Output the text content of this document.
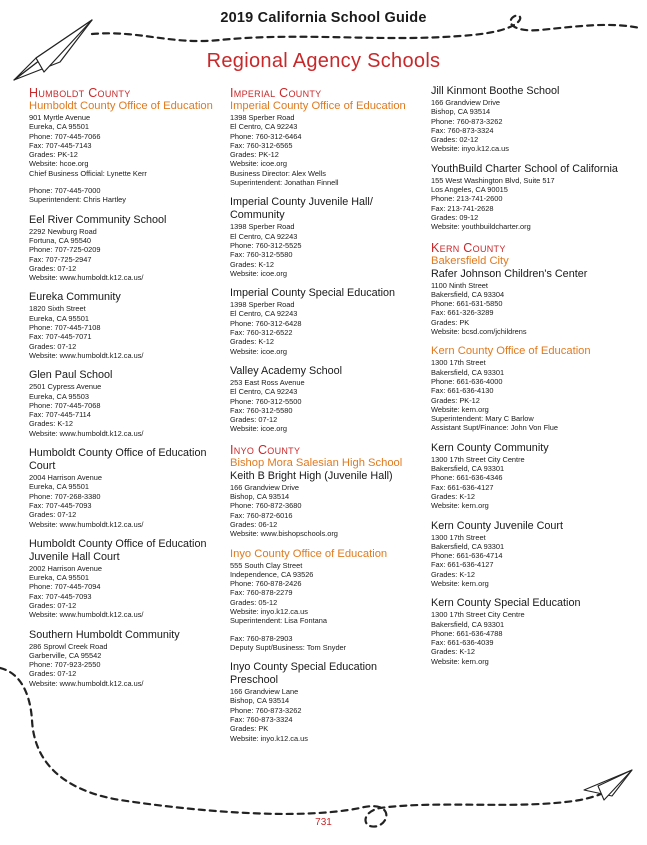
2019 California School Guide
Regional Agency Schools
Humboldt County
Humboldt County Office of Education
901 Myrtle Avenue
Eureka, CA 95501
Phone: 707-445-7066
Fax: 707-445-7143
Grades: PK-12
Website: hcoe.org
Chief Business Official: Lynette Kerr
Phone: 707-445-7000
Superintendent: Chris Hartley
Eel River Community School
2292 Newburg Road
Fortuna, CA 95540
Phone: 707-725-0209
Fax: 707-725-2947
Grades: 07-12
Website: www.humboldt.k12.ca.us/
Eureka Community
1820 Sixth Street
Eureka, CA 95501
Phone: 707-445-7108
Fax: 707-445-7071
Grades: 07-12
Website: www.humboldt.k12.ca.us/
Glen Paul School
2501 Cypress Avenue
Eureka, CA 95503
Phone: 707-445-7068
Fax: 707-445-7114
Grades: K-12
Website: www.humboldt.k12.ca.us/
Humboldt County Office of Education Court
2004 Harrison Avenue
Eureka, CA 95501
Phone: 707-268-3380
Fax: 707-445-7093
Grades: 07-12
Website: www.humboldt.k12.ca.us/
Humboldt County Office of Education Juvenile Hall Court
2002 Harrison Avenue
Eureka, CA 95501
Phone: 707-445-7094
Fax: 707-445-7093
Grades: 07-12
Website: www.humboldt.k12.ca.us/
Southern Humboldt Community
286 Sprowl Creek Road
Garberville, CA 95542
Phone: 707-923-2550
Grades: 07-12
Website: www.humboldt.k12.ca.us/
Imperial County
Imperial County Office of Education
1398 Sperber Road
El Centro, CA 92243
Phone: 760-312-6464
Fax: 760-312-6565
Grades: PK-12
Website: icoe.org
Business Director: Alex Wells
Superintendent: Jonathan Finnell
Imperial County Juvenile Hall/ Community
1398 Sperber Road
El Centro, CA 92243
Phone: 760-312-5525
Fax: 760-312-5580
Grades: K-12
Website: icoe.org
Imperial County Special Education
1398 Sperber Road
El Centro, CA 92243
Phone: 760-312-6428
Fax: 760-312-6522
Grades: K-12
Website: icoe.org
Valley Academy School
253 East Ross Avenue
El Centro, CA 92243
Phone: 760-312-5500
Fax: 760-312-5580
Grades: 07-12
Website: icoe.org
Inyo County
Bishop Mora Salesian High School
Keith B Bright High (Juvenile Hall)
166 Grandview Drive
Bishop, CA 93514
Phone: 760-872-3680
Fax: 760-872-6016
Grades: 06-12
Website: www.bishopschools.org
Inyo County Office of Education
555 South Clay Street
Independence, CA 93526
Phone: 760-878-2426
Fax: 760-878-2279
Grades: 05-12
Website: inyo.k12.ca.us
Superintendent: Lisa Fontana
Fax: 760-878-2903
Deputy Supt/Business: Tom Snyder
Inyo County Special Education Preschool
166 Grandview Lane
Bishop, CA 93514
Phone: 760-873-3262
Fax: 760-873-3324
Grades: PK
Website: inyo.k12.ca.us
Jill Kinmont Boothe School
166 Grandview Drive
Bishop, CA 93514
Phone: 760-873-3262
Fax: 760-873-3324
Grades: 02-12
Website: inyo.k12.ca.us
YouthBuild Charter School of California
155 West Washington Blvd, Suite 517
Los Angeles, CA 90015
Phone: 213-741-2600
Fax: 213-741-2628
Grades: 09-12
Website: youthbuildcharter.org
Kern County
Bakersfield City
Rafer Johnson Children's Center
1100 Ninth Street
Bakersfield, CA 93304
Phone: 661-631-5850
Fax: 661-326-3289
Grades: PK
Website: bcsd.com/jchildrens
Kern County Office of Education
1300 17th Street
Bakersfield, CA 93301
Phone: 661-636-4000
Fax: 661-636-4130
Grades: PK-12
Website: kern.org
Superintendent: Mary C Barlow
Assistant Supt/Finance: John Von Flue
Kern County Community
1300 17th Street City Centre
Bakersfield, CA 93301
Phone: 661-636-4346
Fax: 661-636-4127
Grades: K-12
Website: kern.org
Kern County Juvenile Court
1300 17th Street
Bakersfield, CA 93301
Phone: 661-636-4714
Fax: 661-636-4127
Grades: K-12
Website: kern.org
Kern County Special Education
1300 17th Street City Centre
Bakersfield, CA 93301
Phone: 661-636-4788
Fax: 661-636-4039
Grades: K-12
Website: kern.org
731
